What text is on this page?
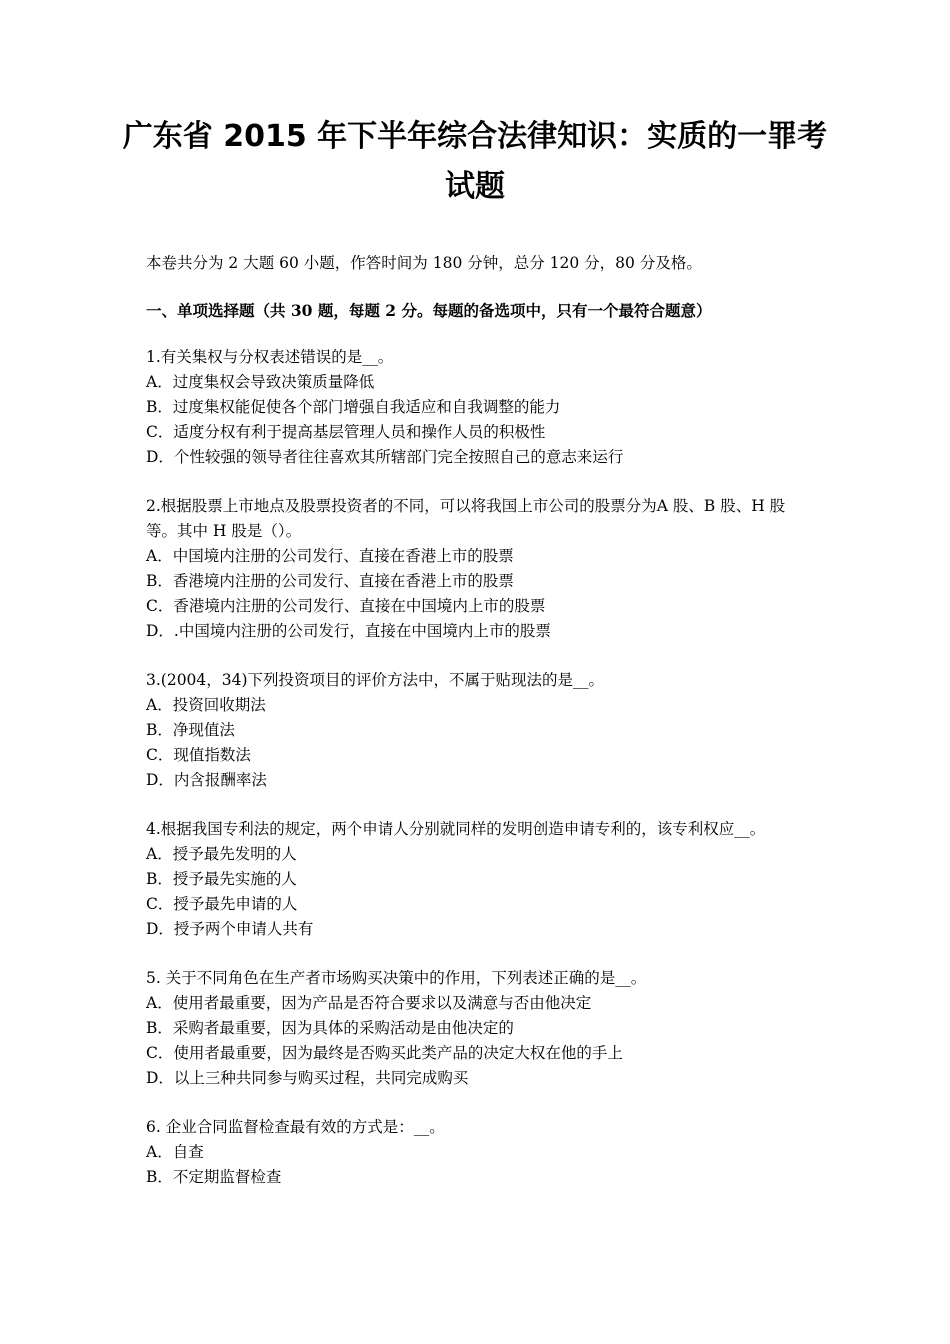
广东省 2015 年下半年综合法律知识：实质的一罪考
试题
本卷共分为 2 大题 60 小题，作答时间为 180 分钟，总分 120 分，80 分及格。
一、单项选择题（共 30 题，每题 2 分。每题的备选项中，只有一个最符合题意）
1.有关集权与分权表述错误的是__。
A．过度集权会导致决策质量降低
B．过度集权能促使各个部门增强自我适应和自我调整的能力
C．适度分权有利于提高基层管理人员和操作人员的积极性
D．个性较强的领导者往往喜欢其所辖部门完全按照自己的意志来运行
2.根据股票上市地点及股票投资者的不同，可以将我国上市公司的股票分为A 股、B 股、H 股等。其中 H 股是（）。
A．中国境内注册的公司发行、直接在香港上市的股票
B．香港境内注册的公司发行、直接在香港上市的股票
C．香港境内注册的公司发行、直接在中国境内上市的股票
D．.中国境内注册的公司发行，直接在中国境内上市的股票
3.(2004，34)下列投资项目的评价方法中，不属于贴现法的是__。
A．投资回收期法
B．净现值法
C．现值指数法
D．内含报酬率法
4.根据我国专利法的规定，两个申请人分别就同样的发明创造申请专利的，该专利权应__。
A．授予最先发明的人
B．授予最先实施的人
C．授予最先申请的人
D．授予两个申请人共有
5. 关于不同角色在生产者市场购买决策中的作用，下列表述正确的是__。
A．使用者最重要，因为产品是否符合要求以及满意与否由他决定
B．采购者最重要，因为具体的采购活动是由他决定的
C．使用者最重要，因为最终是否购买此类产品的决定大权在他的手上
D．以上三种共同参与购买过程，共同完成购买
6. 企业合同监督检查最有效的方式是：__。
A．自查
B．不定期监督检查
